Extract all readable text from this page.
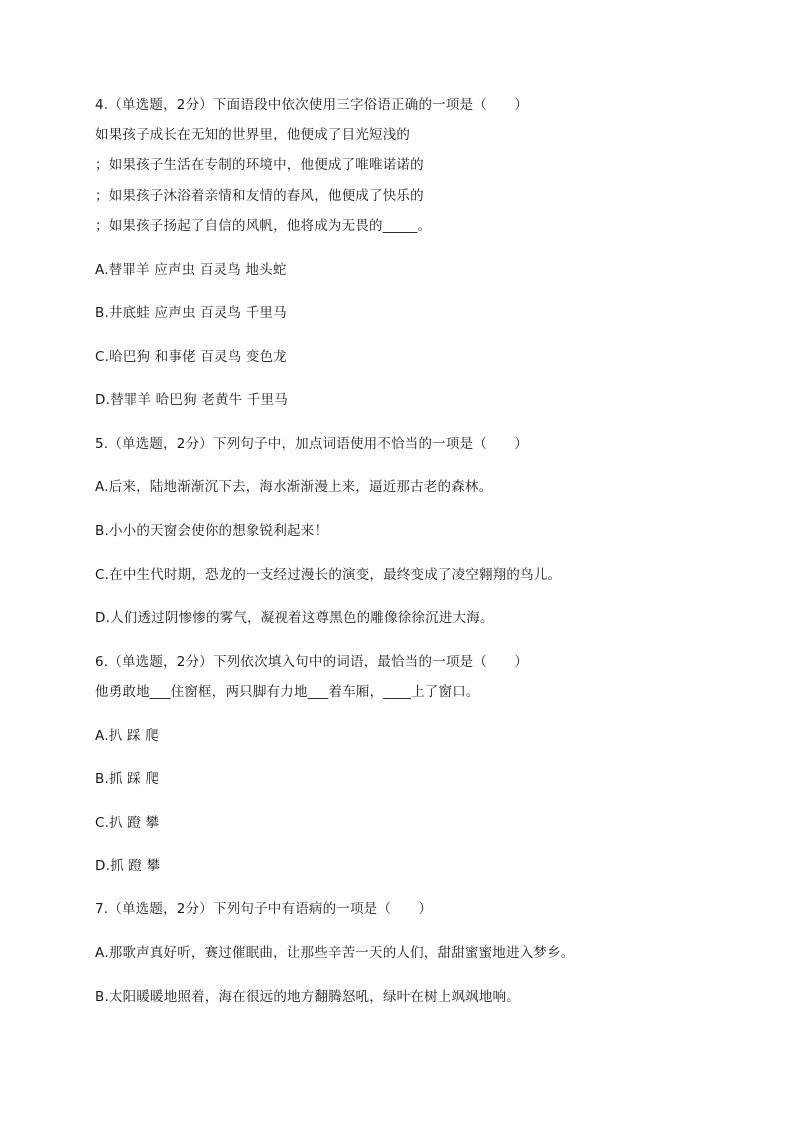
4.（单选题，2分）下面语段中依次使用三字俗语正确的一项是（　　）
如果孩子成长在无知的世界里，他便成了目光短浅的
；如果孩子生活在专制的环境中，他便成了唯唯诺诺的
；如果孩子沐浴着亲情和友情的春风，他便成了快乐的
；如果孩子扬起了自信的风帆，他将成为无畏的_____。
A.替罪羊 应声虫 百灵鸟 地头蛇
B.井底蛙 应声虫 百灵鸟 千里马
C.哈巴狗 和事佬 百灵鸟 变色龙
D.替罪羊 哈巴狗 老黄牛 千里马
5.（单选题，2分）下列句子中，加点词语使用不恰当的一项是（　　）
A.后来，陆地渐渐沉下去，海水渐渐漫上来，逼近那古老的森林。
B.小小的天窗会使你的想象锐利起来！
C.在中生代时期，恐龙的一支经过漫长的演变，最终变成了凌空翱翔的鸟儿。
D.人们透过阴惨惨的雾气，凝视着这尊黑色的雕像徐徐沉进大海。
6.（单选题，2分）下列依次填入句中的词语，最恰当的一项是（　　）
他勇敢地___住窗框，两只脚有力地___着车厢，____上了窗口。
A.扒 踩 爬
B.抓 踩 爬
C.扒 蹬 攀
D.抓 蹬 攀
7.（单选题，2分）下列句子中有语病的一项是（　　）
A.那歌声真好听，赛过催眠曲，让那些辛苦一天的人们，甜甜蜜蜜地进入梦乡。
B.太阳暖暖地照着，海在很远的地方翻腾怒吼，绿叶在树上飒飒地响。
